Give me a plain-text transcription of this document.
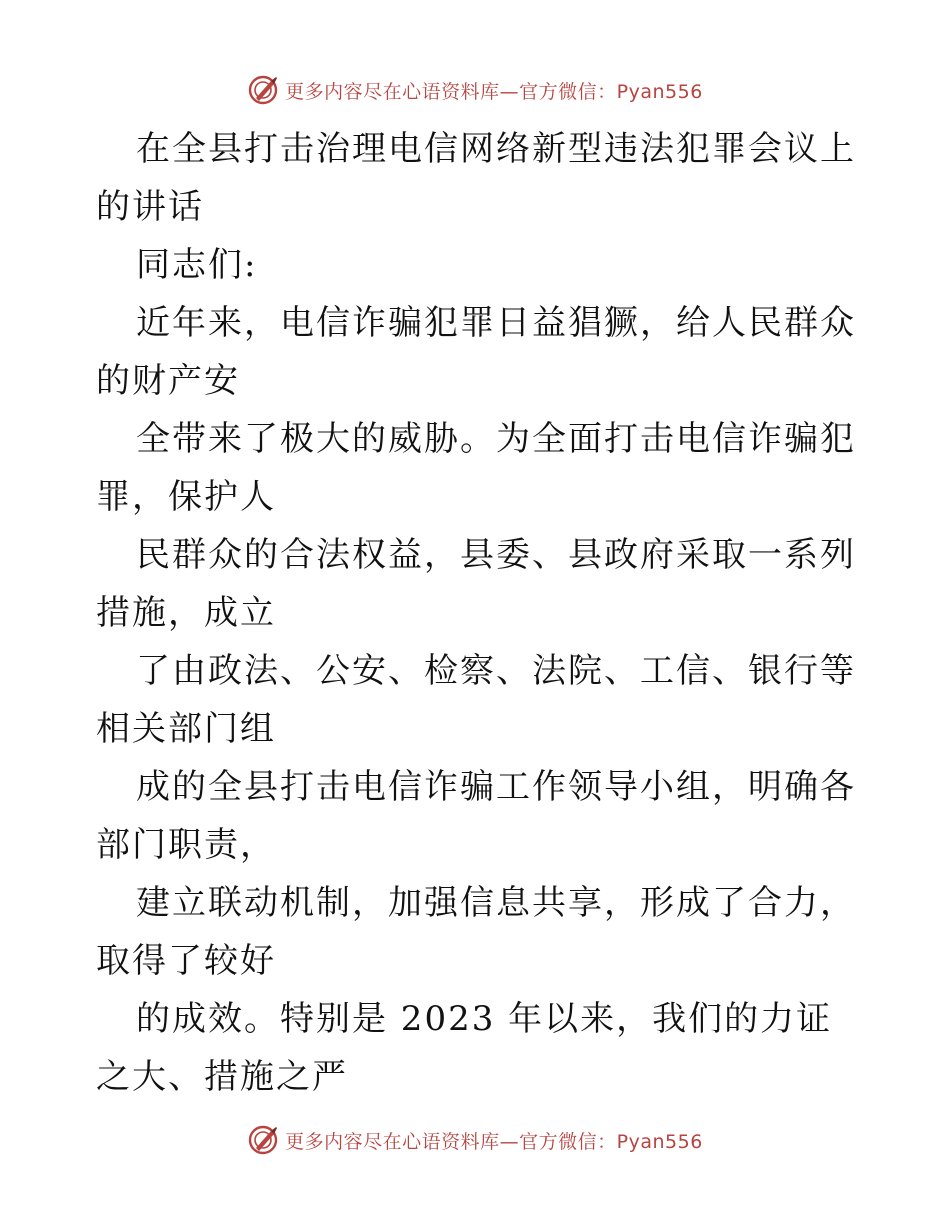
更多内容尽在心语资料库—官方微信：Pyan556

在全县打击治理电信网络新型违法犯罪会议上的讲话

同志们:

近年来，电信诈骗犯罪日益猖獗，给人民群众的财产安

全带来了极大的威胁。为全面打击电信诈骗犯罪，保护人

民群众的合法权益，县委、县政府采取一系列措施，成立

了由政法、公安、检察、法院、工信、银行等相关部门组

成的全县打击电信诈骗工作领导小组，明确各部门职责，

建立联动机制，加强信息共享，形成了合力，取得了较好

的成效。特别是 2023 年以来，我们的力证之大、措施之严

更多内容尽在心语资料库—官方微信：Pyan556
